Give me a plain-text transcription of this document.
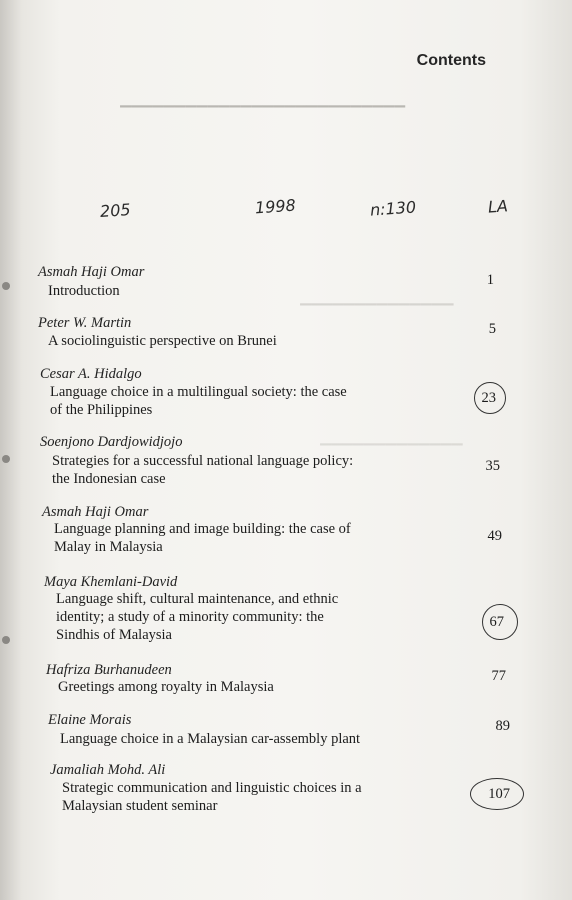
▁▁▁▁▁▁▁▁▁▁▁▁▁▁▁▁▁▁▁▁▁▁▁▁▁▁
▁▁▁▁▁▁▁▁▁▁▁▁▁▁
▁▁▁▁▁▁▁▁▁▁▁▁▁
Contents
205	1998	n:130	LA
Asmah Haji Omar
Introduction
1
Peter W. Martin
A sociolinguistic perspective on Brunei
5
Cesar A. Hidalgo
Language choice in a multilingual society: the case
of the Philippines
23
Soenjono Dardjowidjojo
Strategies for a successful national language policy:
the Indonesian case
35
Asmah Haji Omar
Language planning and image building: the case of
Malay in Malaysia
49
Maya Khemlani-David
Language shift, cultural maintenance, and ethnic
identity; a study of a minority community: the
Sindhis of Malaysia
67
Hafriza Burhanudeen
Greetings among royalty in Malaysia
77
Elaine Morais
Language choice in a Malaysian car-assembly plant
89
Jamaliah Mohd. Ali
Strategic communication and linguistic choices in a
Malaysian student seminar
107
